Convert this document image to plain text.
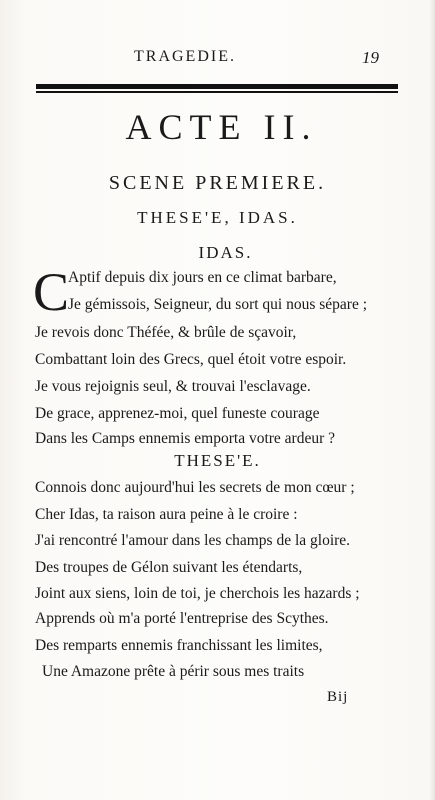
TRAGEDIE.	19
ACTE II.
SCENE PREMIERE.
THESE'E, IDAS.
IDAS.
C
Aptif depuis dix jours en ce climat barbare,
Je gémissois, Seigneur, du sort qui nous sépare ;
Je revois donc Théfée, & brûle de sçavoir,
Combattant loin des Grecs, quel étoit votre espoir.
Je vous rejoignis seul, & trouvai l'esclavage.
De grace, apprenez-moi, quel funeste courage
Dans les Camps ennemis emporta votre ardeur ?
THESE'E.
Connois donc aujourd'hui les secrets de mon cœur ;
Cher Idas, ta raison aura peine à le croire :
J'ai rencontré l'amour dans les champs de la gloire.
Des troupes de Gélon suivant les étendarts,
Joint aux siens, loin de toi, je cherchois les hazards ;
Apprends où m'a porté l'entreprise des Scythes.
Des remparts ennemis franchissant les limites,
Une Amazone prête à périr sous mes traits
Bij
